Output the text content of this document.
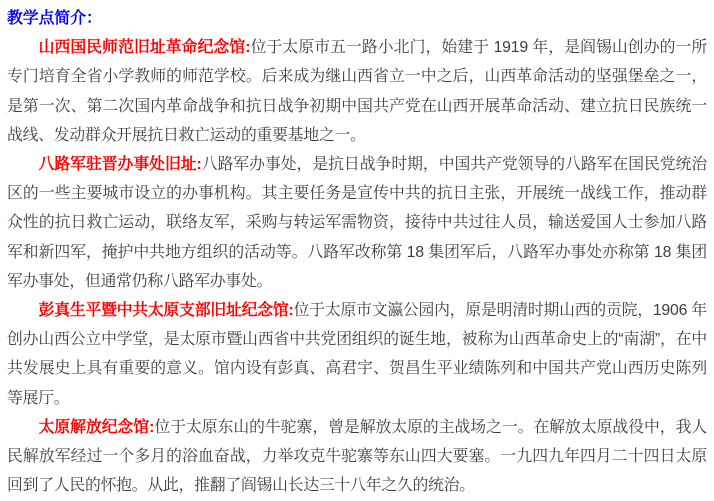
教学点简介：

山西国民师范旧址革命纪念馆:位于太原市五一路小北门，始建于 1919 年，是阎锡山创办的一所专门培育全省小学教师的师范学校。后来成为继山西省立一中之后，山西革命活动的坚强堡垒之一，是第一次、第二次国内革命战争和抗日战争初期中国共产党在山西开展革命活动、建立抗日民族统一战线、发动群众开展抗日救亡运动的重要基地之一。

八路军驻晋办事处旧址:八路军办事处，是抗日战争时期，中国共产党领导的八路军在国民党统治区的一些主要城市设立的办事机构。其主要任务是宣传中共的抗日主张，开展统一战线工作，推动群众性的抗日救亡运动，联络友军，采购与转运军需物资，接待中共过往人员，输送爱国人士参加八路军和新四军，掩护中共地方组织的活动等。八路军改称第 18 集团军后，八路军办事处亦称第 18 集团军办事处，但通常仍称八路军办事处。

彭真生平暨中共太原支部旧址纪念馆:位于太原市文瀛公园内，原是明清时期山西的贡院，1906 年创办山西公立中学堂，是太原市暨山西省中共党团组织的诞生地，被称为山西革命史上的“南湖”，在中共发展史上具有重要的意义。馆内设有彭真、高君宇、贺昌生平业绩陈列和中国共产党山西历史陈列等展厅。

太原解放纪念馆:位于太原东山的牛驼寨，曾是解放太原的主战场之一。在解放太原战役中，我人民解放军经过一个多月的浴血奋战，力举攻克牛驼寨等东山四大要塞。一九四九年四月二十四日太原回到了人民的怀抱。从此，推翻了阎锡山长达三十八年之久的统治。
